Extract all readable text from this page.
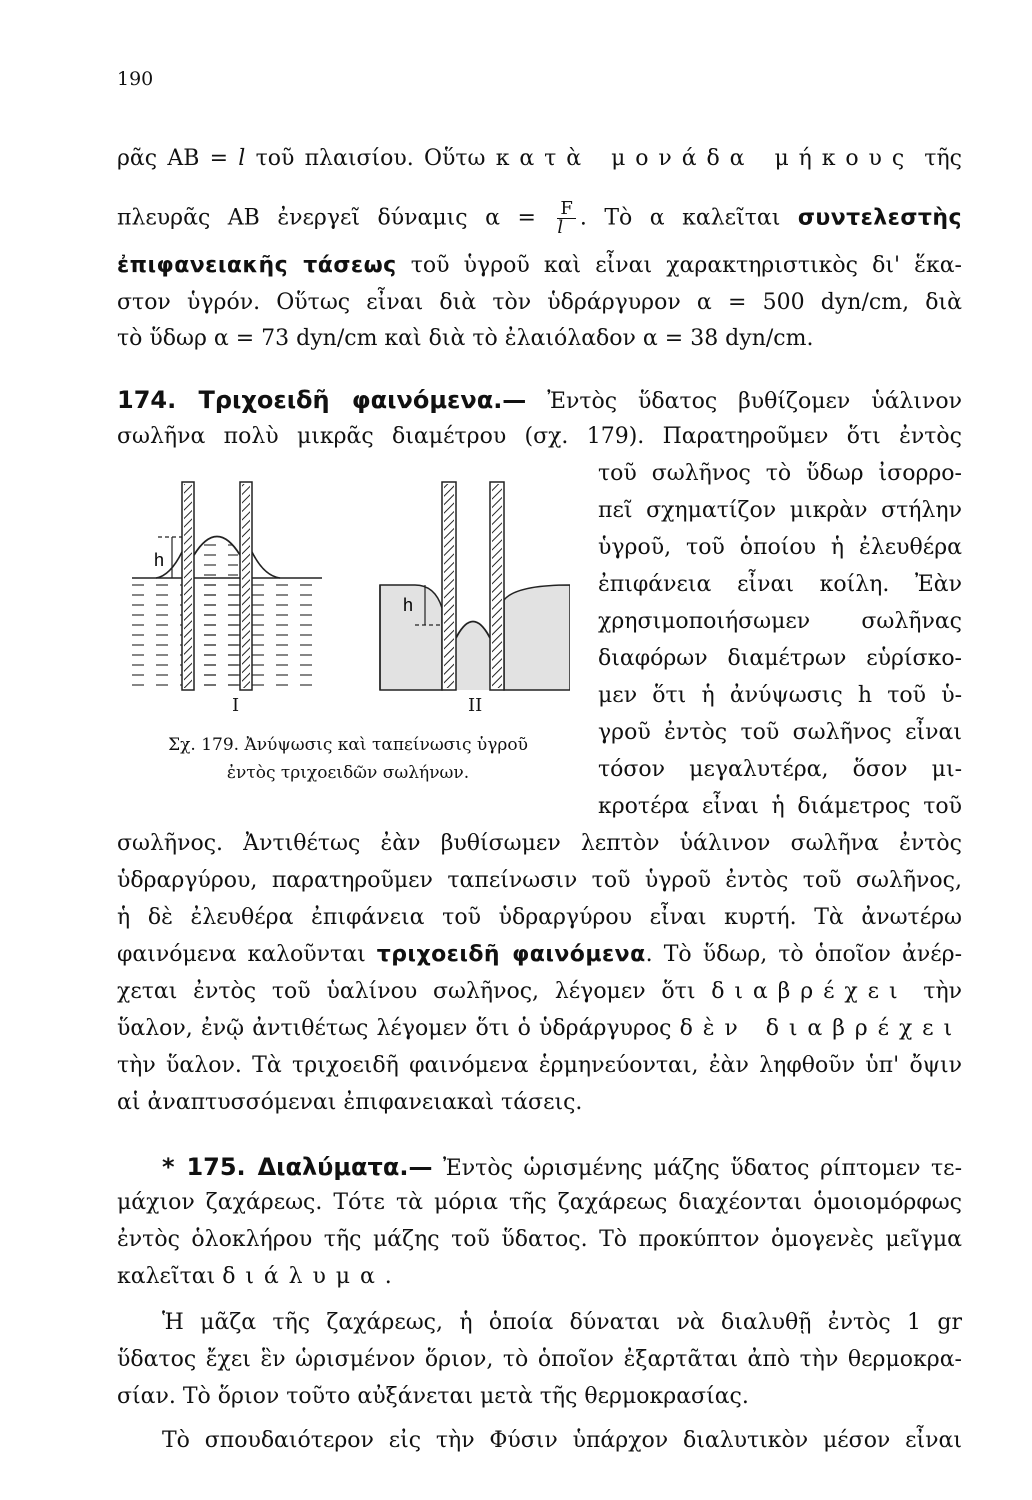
190
ρᾶς AB = l τοῦ πλαισίου. Οὕτω κατὰ μονάδα μήκους τῆς
πλευρᾶς AB ἐνεργεῖ δύναμις $\alpha = \frac{F}{l}$ . Τὸ α καλεῖται συντελεστὴς
ἐπιφανειακῆς τάσεως τοῦ ὑγροῦ καὶ εἶναι χαρακτηριστικὸς δι' ἕκα-
στον ὑγρόν. Οὕτως εἶναι διὰ τὸν ὑδράργυρον α = 500 dyn/cm, διὰ
τὸ ὕδωρ α = 73 dyn/cm καὶ διὰ τὸ ἐλαιόλαδον α = 38 dyn/cm.
174. Τριχοειδῆ φαινόμενα.— Ἐντὸς ὕδατος βυθίζομεν ὑάλινον
σωλῆνα πολὺ μικρᾶς διαμέτρου (σχ. 179). Παρατηροῦμεν ὅτι ἐντὸς
τοῦ σωλῆνος τὸ ὕδωρ ἰσορρο-
πεῖ σχηματίζον μικρὰν στήλην
ὑγροῦ, τοῦ ὁποίου ἡ ἐλευθέρα
ἐπιφάνεια εἶναι κοίλη. Ἐὰν
χρησιμοποιήσωμεν σωλῆνας
διαφόρων διαμέτρων εὑρίσκο-
μεν ὅτι ἡ ἀνύψωσις h τοῦ ὑ-
γροῦ ἐντὸς τοῦ σωλῆνος εἶναι
τόσον μεγαλυτέρα, ὅσον μι-
κροτέρα εἶναι ἡ διάμετρος τοῦ
h
h
I	II
Σχ. 179. Ἀνύψωσις καὶ ταπείνωσις ὑγροῦ
ἐντὸς τριχοειδῶν σωλήνων.
σωλῆνος. Ἀντιθέτως ἐὰν βυθίσωμεν λεπτὸν ὑάλινον σωλῆνα ἐντὸς
ὑδραργύρου, παρατηροῦμεν ταπείνωσιν τοῦ ὑγροῦ ἐντὸς τοῦ σωλῆνος,
ἡ δὲ ἐλευθέρα ἐπιφάνεια τοῦ ὑδραργύρου εἶναι κυρτή. Τὰ ἀνωτέρω
φαινόμενα καλοῦνται τριχοειδῆ φαινόμενα. Τὸ ὕδωρ, τὸ ὁποῖον ἀνέρ-
χεται ἐντὸς τοῦ ὑαλίνου σωλῆνος, λέγομεν ὅτι διαβρέχει τὴν
ὕαλον, ἐνῷ ἀντιθέτως λέγομεν ὅτι ὁ ὑδράργυρος δὲν διαβρέχει
τὴν ὕαλον. Τὰ τριχοειδῆ φαινόμενα ἑρμηνεύονται, ἐὰν ληφθοῦν ὑπ' ὄψιν
αἱ ἀναπτυσσόμεναι ἐπιφανειακαὶ τάσεις.
* 175. Διαλύματα.— Ἐντὸς ὡρισμένης μάζης ὕδατος ρίπτομεν τε-
μάχιον ζαχάρεως. Τότε τὰ μόρια τῆς ζαχάρεως διαχέονται ὁμοιομόρφως
ἐντὸς ὁλοκλήρου τῆς μάζης τοῦ ὕδατος. Τὸ προκύπτον ὁμογενὲς μεῖγμα
καλεῖται διάλυμα.
Ἡ μᾶζα τῆς ζαχάρεως, ἡ ὁποία δύναται νὰ διαλυθῇ ἐντὸς 1 gr
ὕδατος ἔχει ἓν ὡρισμένον ὅριον, τὸ ὁποῖον ἐξαρτᾶται ἀπὸ τὴν θερμοκρα-
σίαν. Τὸ ὅριον τοῦτο αὐξάνεται μετὰ τῆς θερμοκρασίας.
Τὸ σπουδαιότερον εἰς τὴν Φύσιν ὑπάρχον διαλυτικὸν μέσον εἶναι
